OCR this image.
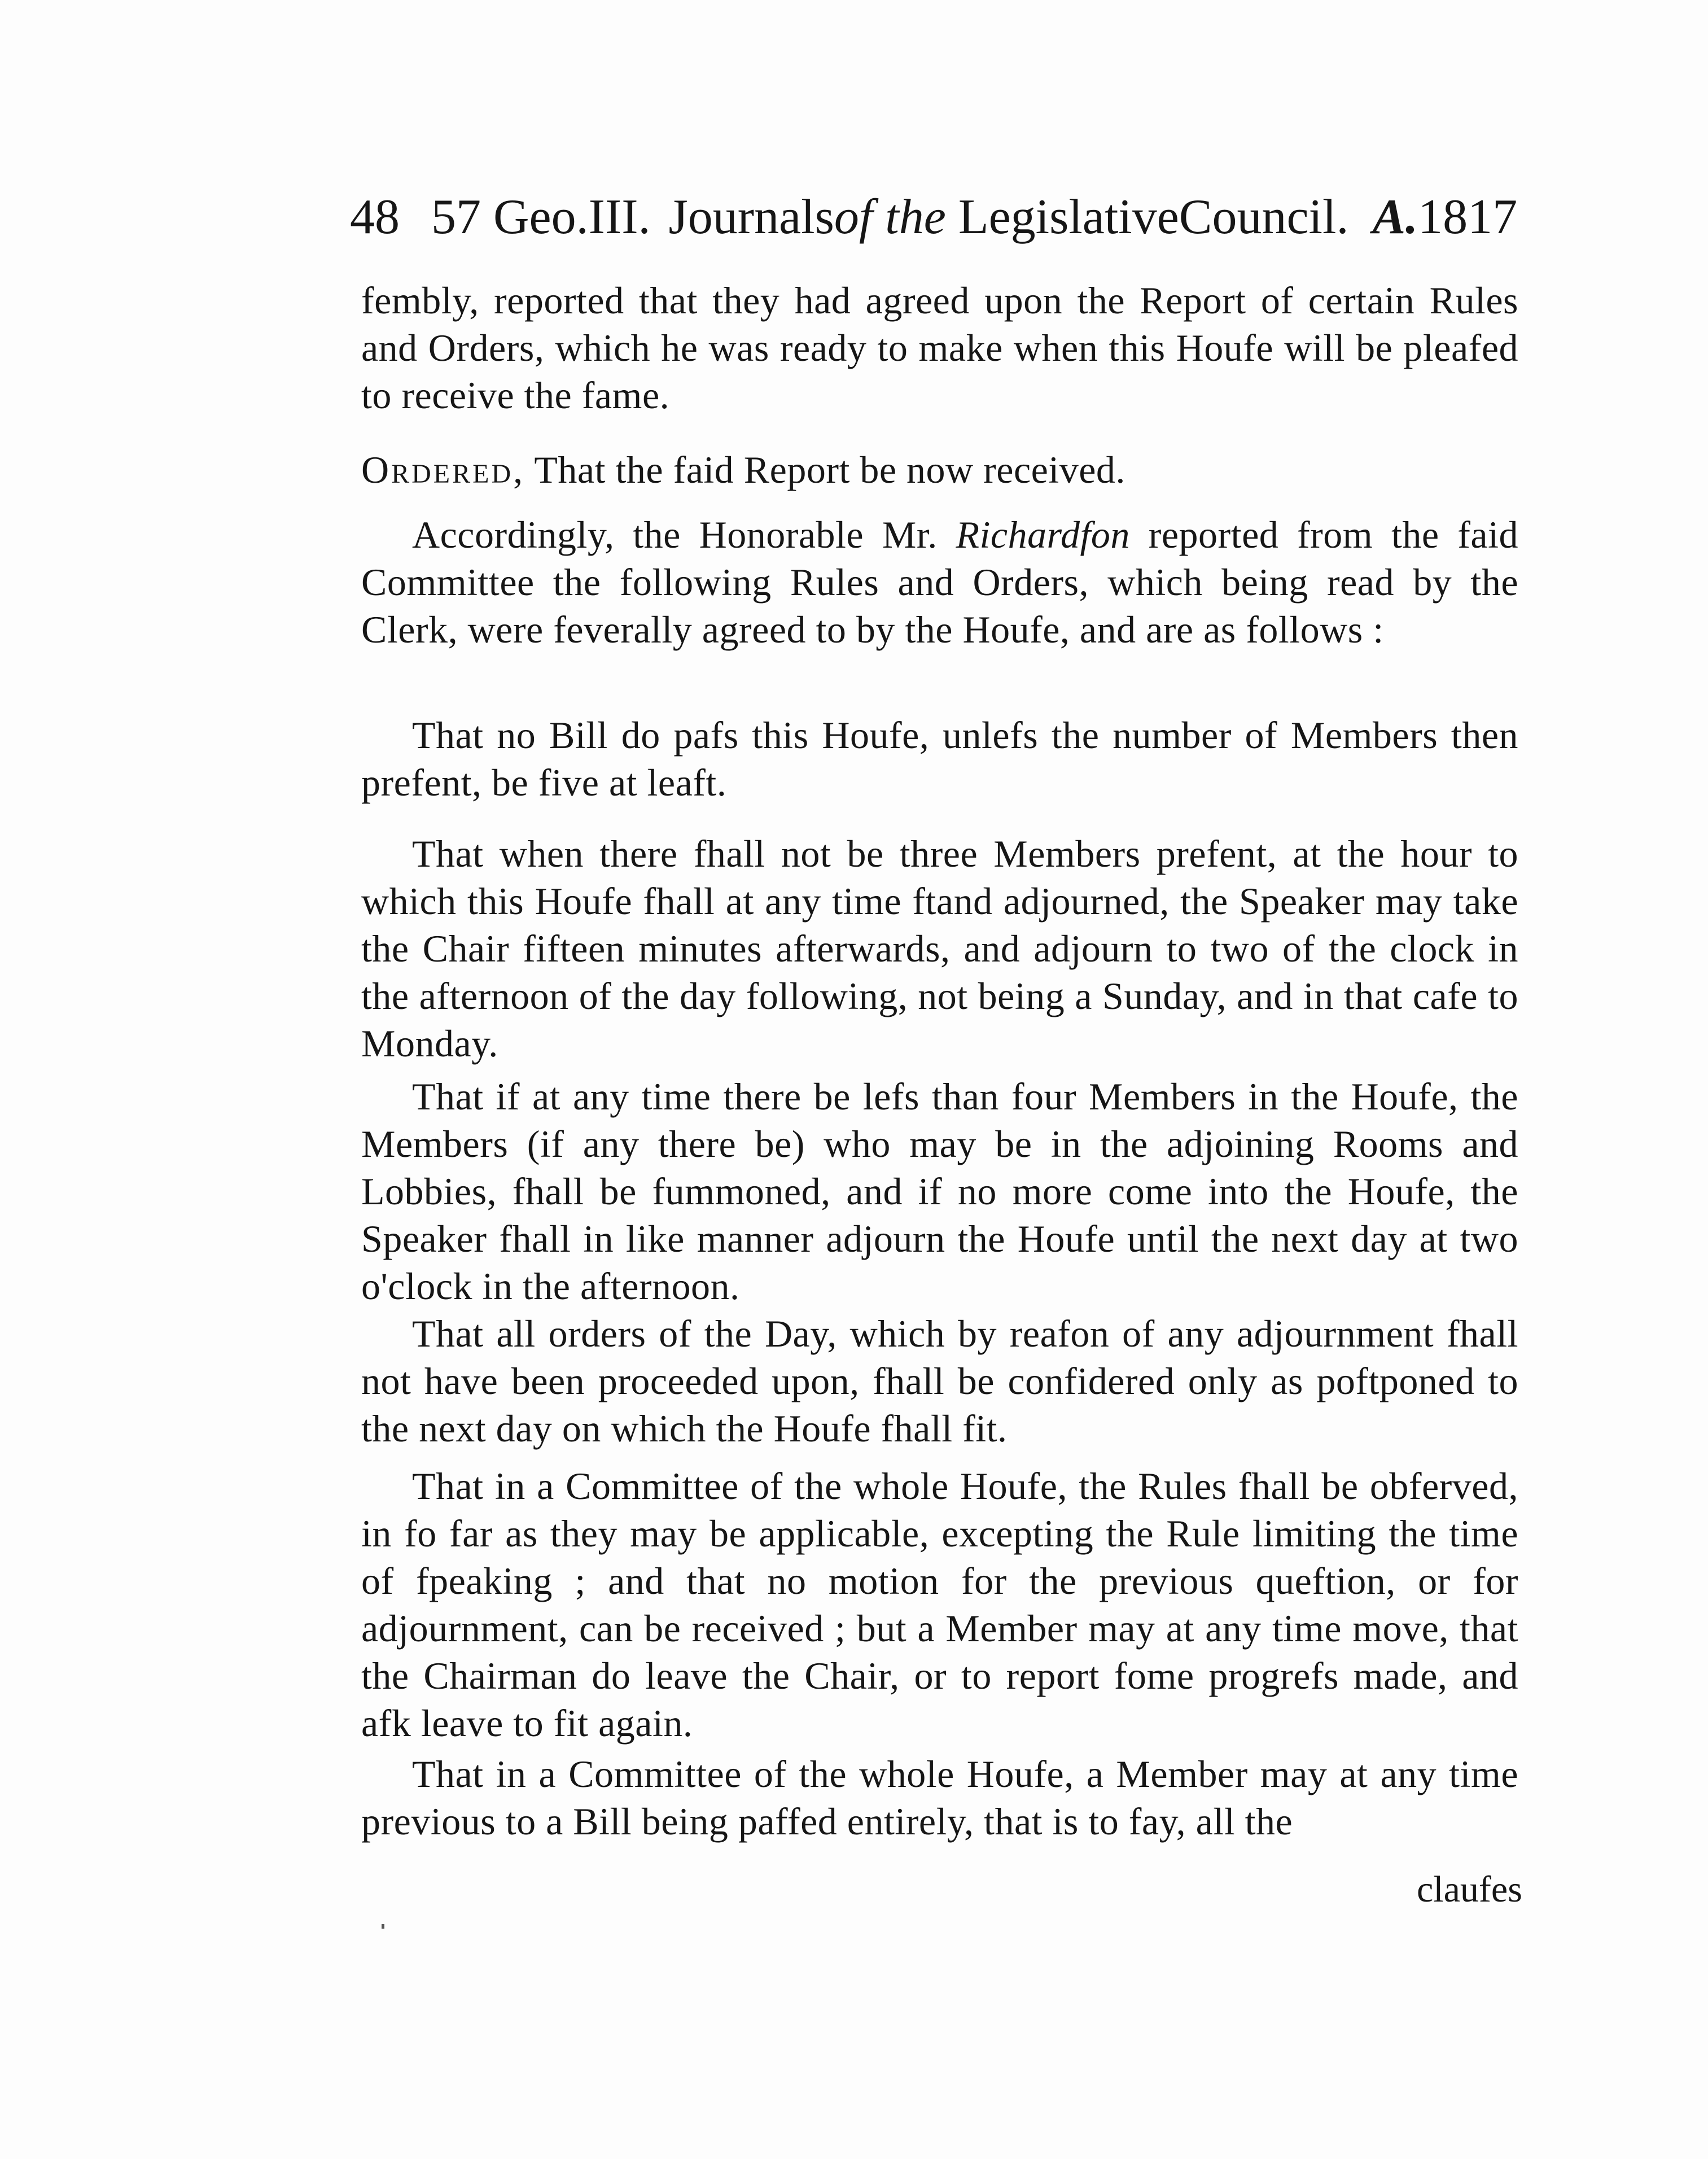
48 57 Geo.III. Journalsof the LegislativeCouncil. A.1817

fembly, reported that they had agreed upon the Report of certain Rules and Orders, which he was ready to make when this Houfe will be pleafed to receive the fame.

Ordered, That the faid Report be now received.

Accordingly, the Honorable Mr. Richardfon reported from the faid Committee the following Rules and Orders, which being read by the Clerk, were feverally agreed to by the Houfe, and are as follows :

That no Bill do pafs this Houfe, unlefs the number of Members then prefent, be five at leaft.

That when there fhall not be three Members prefent, at the hour to which this Houfe fhall at any time ftand adjourned, the Speaker may take the Chair fifteen minutes afterwards, and adjourn to two of the clock in the afternoon of the day following, not being a Sunday, and in that cafe to Monday.

That if at any time there be lefs than four Members in the Houfe, the Members (if any there be) who may be in the adjoining Rooms and Lobbies, fhall be fummoned, and if no more come into the Houfe, the Speaker fhall in like manner adjourn the Houfe until the next day at two o'clock in the afternoon.

That all orders of the Day, which by reafon of any adjournment fhall not have been proceeded upon, fhall be confidered only as poftponed to the next day on which the Houfe fhall fit.

That in a Committee of the whole Houfe, the Rules fhall be obferved, in fo far as they may be applicable, excepting the Rule limiting the time of fpeaking ; and that no motion for the previous queftion, or for adjournment, can be received ; but a Member may at any time move, that the Chairman do leave the Chair, or to report fome progrefs made, and afk leave to fit again.

That in a Committee of the whole Houfe, a Member may at any time previous to a Bill being paffed entirely, that is to fay, all the

claufes
